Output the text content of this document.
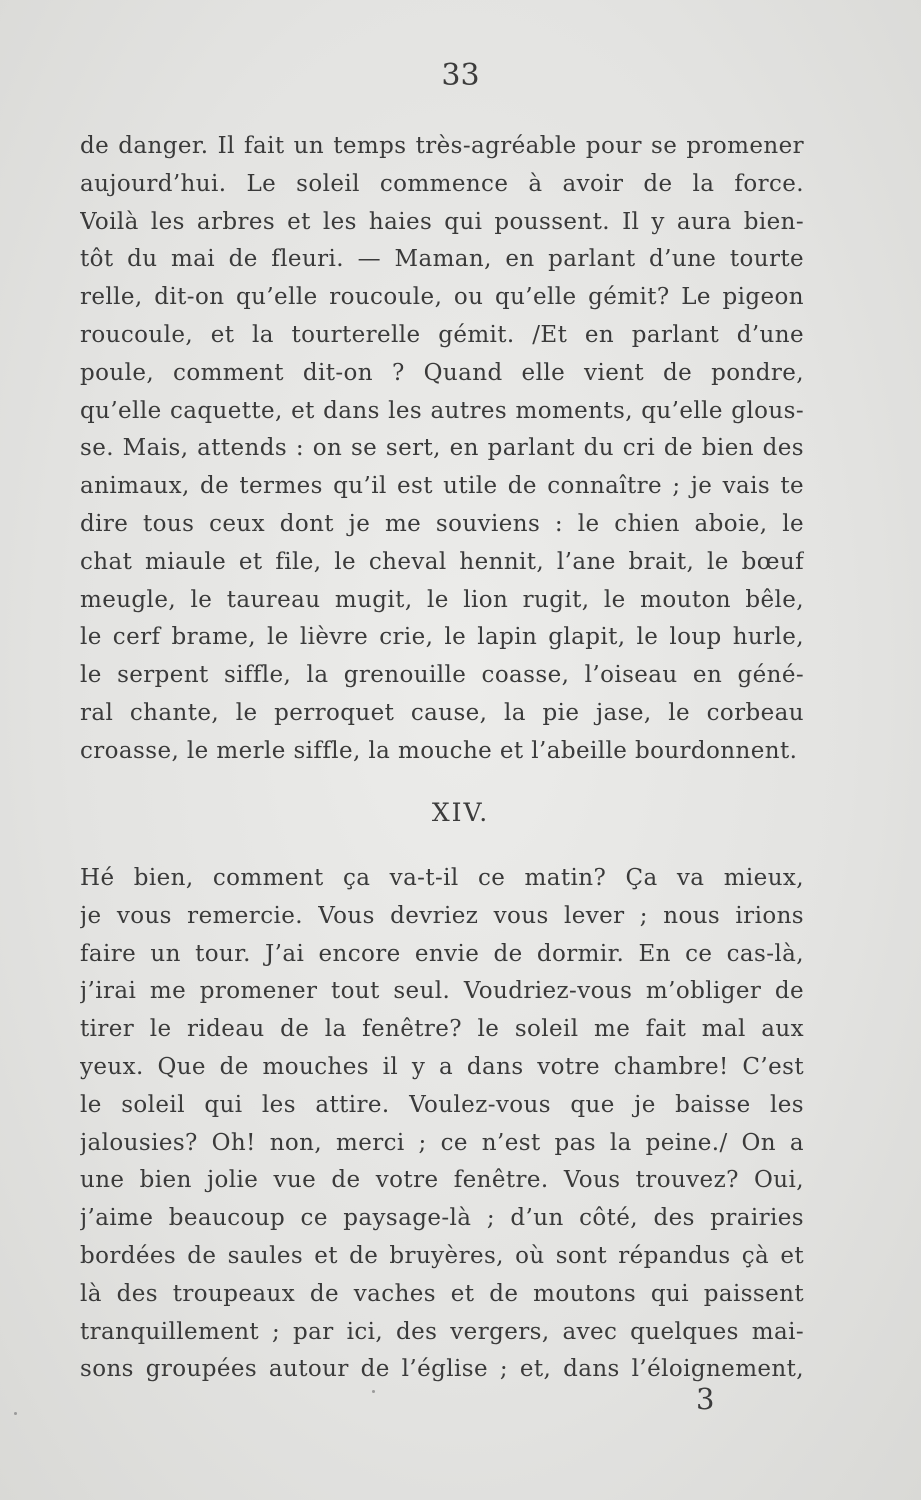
33
de danger. Il fait un temps très-agréable pour se promener
aujourd’hui. Le soleil commence à avoir de la force.
Voilà les arbres et les haies qui poussent. Il y aura bien-
tôt du mai de fleuri. — Maman, en parlant d’une tourte
relle, dit-on qu’elle roucoule, ou qu’elle gémit? Le pigeon
roucoule, et la tourterelle gémit. /Et en parlant d’une
poule, comment dit-on ? Quand elle vient de pondre,
qu’elle caquette, et dans les autres moments, qu’elle glous-
se. Mais, attends : on se sert, en parlant du cri de bien des
animaux, de termes qu’il est utile de connaître ; je vais te
dire tous ceux dont je me souviens : le chien aboie, le
chat miaule et file, le cheval hennit, l’ane brait, le bœuf
meugle, le taureau mugit, le lion rugit, le mouton bêle,
le cerf brame, le lièvre crie, le lapin glapit, le loup hurle,
le serpent siffle, la grenouille coasse, l’oiseau en géné-
ral chante, le perroquet cause, la pie jase, le corbeau
croasse, le merle siffle, la mouche et l’abeille bourdonnent.
XIV.
Hé bien, comment ça va-t-il ce matin? Ça va mieux,
je vous remercie. Vous devriez vous lever ; nous irions
faire un tour. J’ai encore envie de dormir. En ce cas-là,
j’irai me promener tout seul. Voudriez-vous m’obliger de
tirer le rideau de la fenêtre? le soleil me fait mal aux
yeux. Que de mouches il y a dans votre chambre! C’est
le soleil qui les attire. Voulez-vous que je baisse les
jalousies? Oh! non, merci ; ce n’est pas la peine./ On a
une bien jolie vue de votre fenêtre. Vous trouvez? Oui,
j’aime beaucoup ce paysage-là ; d’un côté, des prairies
bordées de saules et de bruyères, où sont répandus çà et
là des troupeaux de vaches et de moutons qui paissent
tranquillement ; par ici, des vergers, avec quelques mai-
sons groupées autour de l’église ; et, dans l’éloignement,
3
